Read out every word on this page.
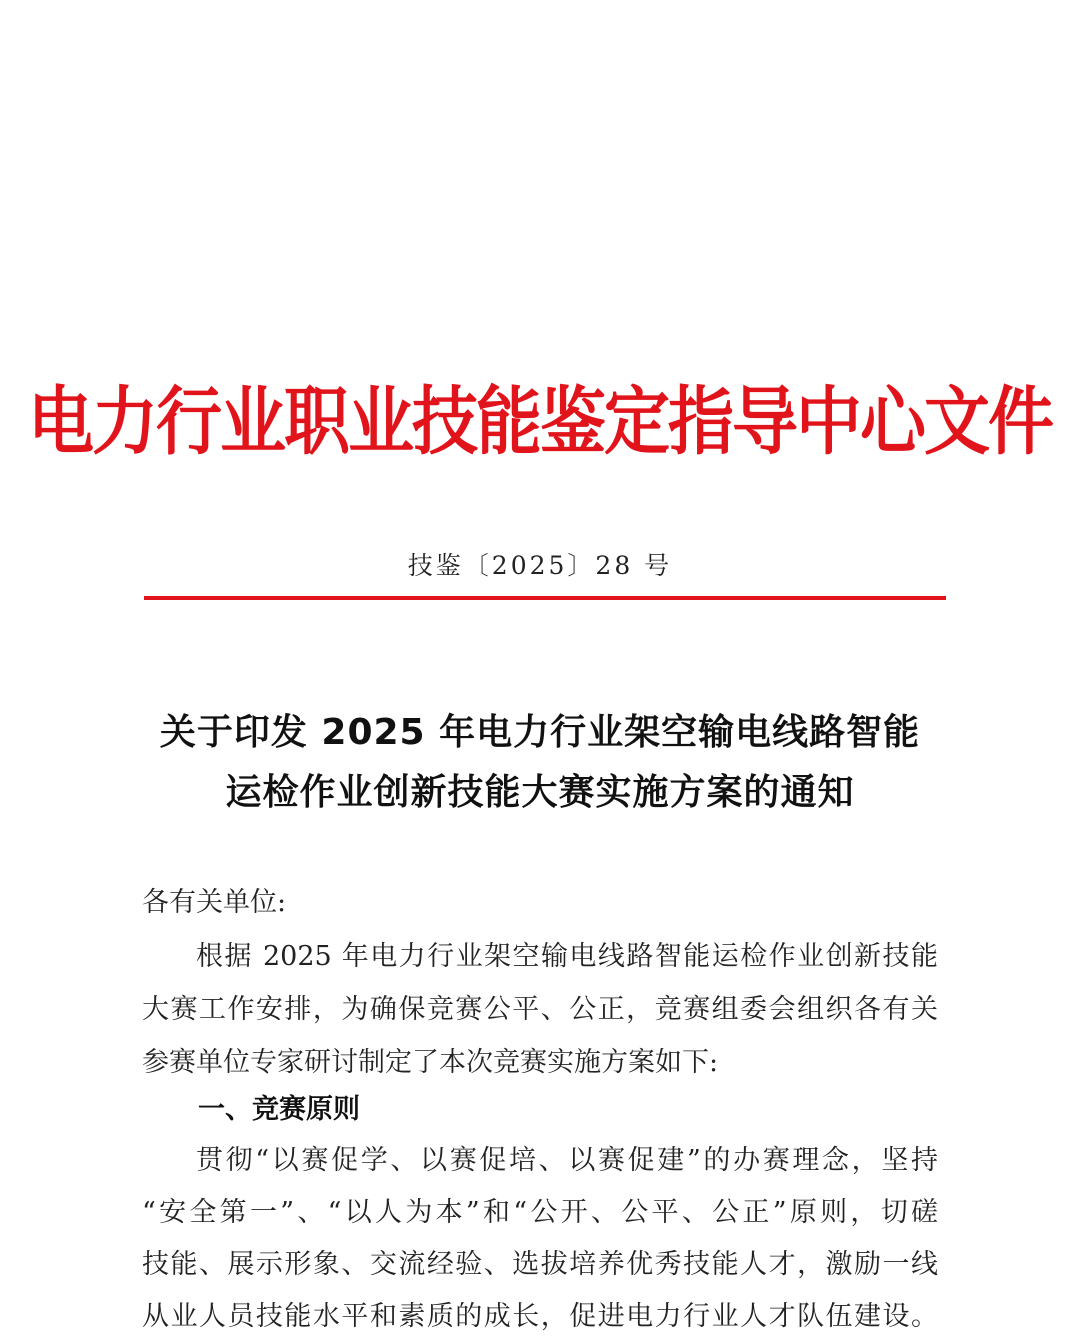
电力行业职业技能鉴定指导中心文件
技鉴〔2025〕28 号
关于印发 2025 年电力行业架空输电线路智能
运检作业创新技能大赛实施方案的通知
各有关单位:
根据 2025 年电力行业架空输电线路智能运检作业创新技能
大赛工作安排，为确保竞赛公平、公正，竞赛组委会组织各有关
参赛单位专家研讨制定了本次竞赛实施方案如下:
一、竞赛原则
贯彻“以赛促学、以赛促培、以赛促建”的办赛理念，坚持
“安全第一”、“以人为本”和“公开、公平、公正”原则，切磋
技能、展示形象、交流经验、选拔培养优秀技能人才，激励一线
从业人员技能水平和素质的成长，促进电力行业人才队伍建设。
